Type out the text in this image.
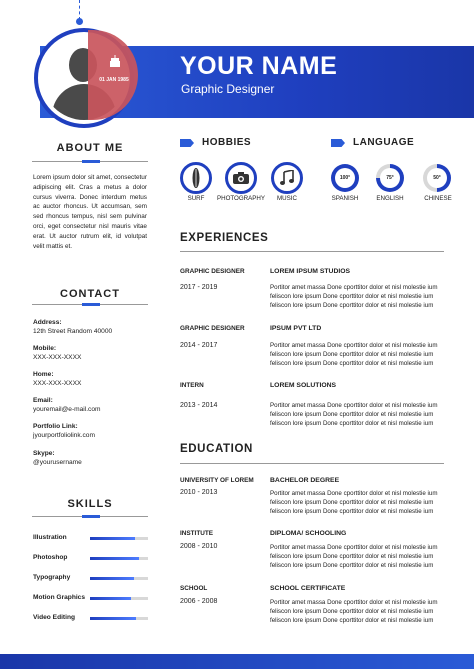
YOUR NAME
Graphic Designer
01 JAN 1985
ABOUT ME
Lorem ipsum dolor sit amet, consectetur adipiscing elit. Cras a metus a dolor cursus viverra. Donec interdum metus ac auctor rhoncus. Ut accumsan, sem sed rhoncus tempus, nisl sem pulvinar orci, eget consectetur nisl mauris vitae erat. Ut auctor rutrum elit, id volutpat velit mattis et.
CONTACT
Address:
12th Street Random 40000
Mobile:
XXX-XXX-XXXX
Home:
XXX-XXX-XXXX
Email:
youremail@e-mail.com
Portfolio Link:
jyourportfoliolink.com
Skype:
@yourusername
SKILLS
Illustration
Photoshop
Typography
Motion Graphics
Video Editing
HOBBIES
SURF	PHOTOGRAPHY	MUSIC
LANGUAGE
100°
SPANISH
75°
ENGLISH
50°
CHINESE
EXPERIENCES
GRAPHIC DESIGNER
2017 - 2019
LOREM IPSUM STUDIOS
Portitor amet massa Done cporttitor dolor et nisl molestie ium feliscon lore ipsum Done cporttitor dolor et nisl molestie ium feliscon lore ipsum Done cporttitor dolor et nisl molestie ium
GRAPHIC DESIGNER
2014 - 2017
IPSUM PVT LTD
Portitor amet massa Done cporttitor dolor et nisl molestie ium feliscon lore ipsum Done cporttitor dolor et nisl molestie ium feliscon lore ipsum Done cporttitor dolor et nisl molestie ium
INTERN
2013 - 2014
LOREM SOLUTIONS
Portitor amet massa Done cporttitor dolor et nisl molestie ium feliscon lore ipsum Done cporttitor dolor et nisl molestie ium feliscon lore ipsum Done cporttitor dolor et nisl molestie ium
EDUCATION
UNIVERSITY OF LOREM
2010 - 2013
BACHELOR DEGREE
Portitor amet massa Done cporttitor dolor et nisl molestie ium feliscon lore ipsum Done cporttitor dolor et nisl molestie ium feliscon lore ipsum Done cporttitor dolor et nisl molestie ium
INSTITUTE
2008 - 2010
DIPLOMA/ SCHOOLING
Portitor amet massa Done cporttitor dolor et nisl molestie ium feliscon lore ipsum Done cporttitor dolor et nisl molestie ium feliscon lore ipsum Done cporttitor dolor et nisl molestie ium
SCHOOL
2006 - 2008
SCHOOL CERTIFICATE
Portitor amet massa Done cporttitor dolor et nisl molestie ium feliscon lore ipsum Done cporttitor dolor et nisl molestie ium feliscon lore ipsum Done cporttitor dolor et nisl molestie ium
